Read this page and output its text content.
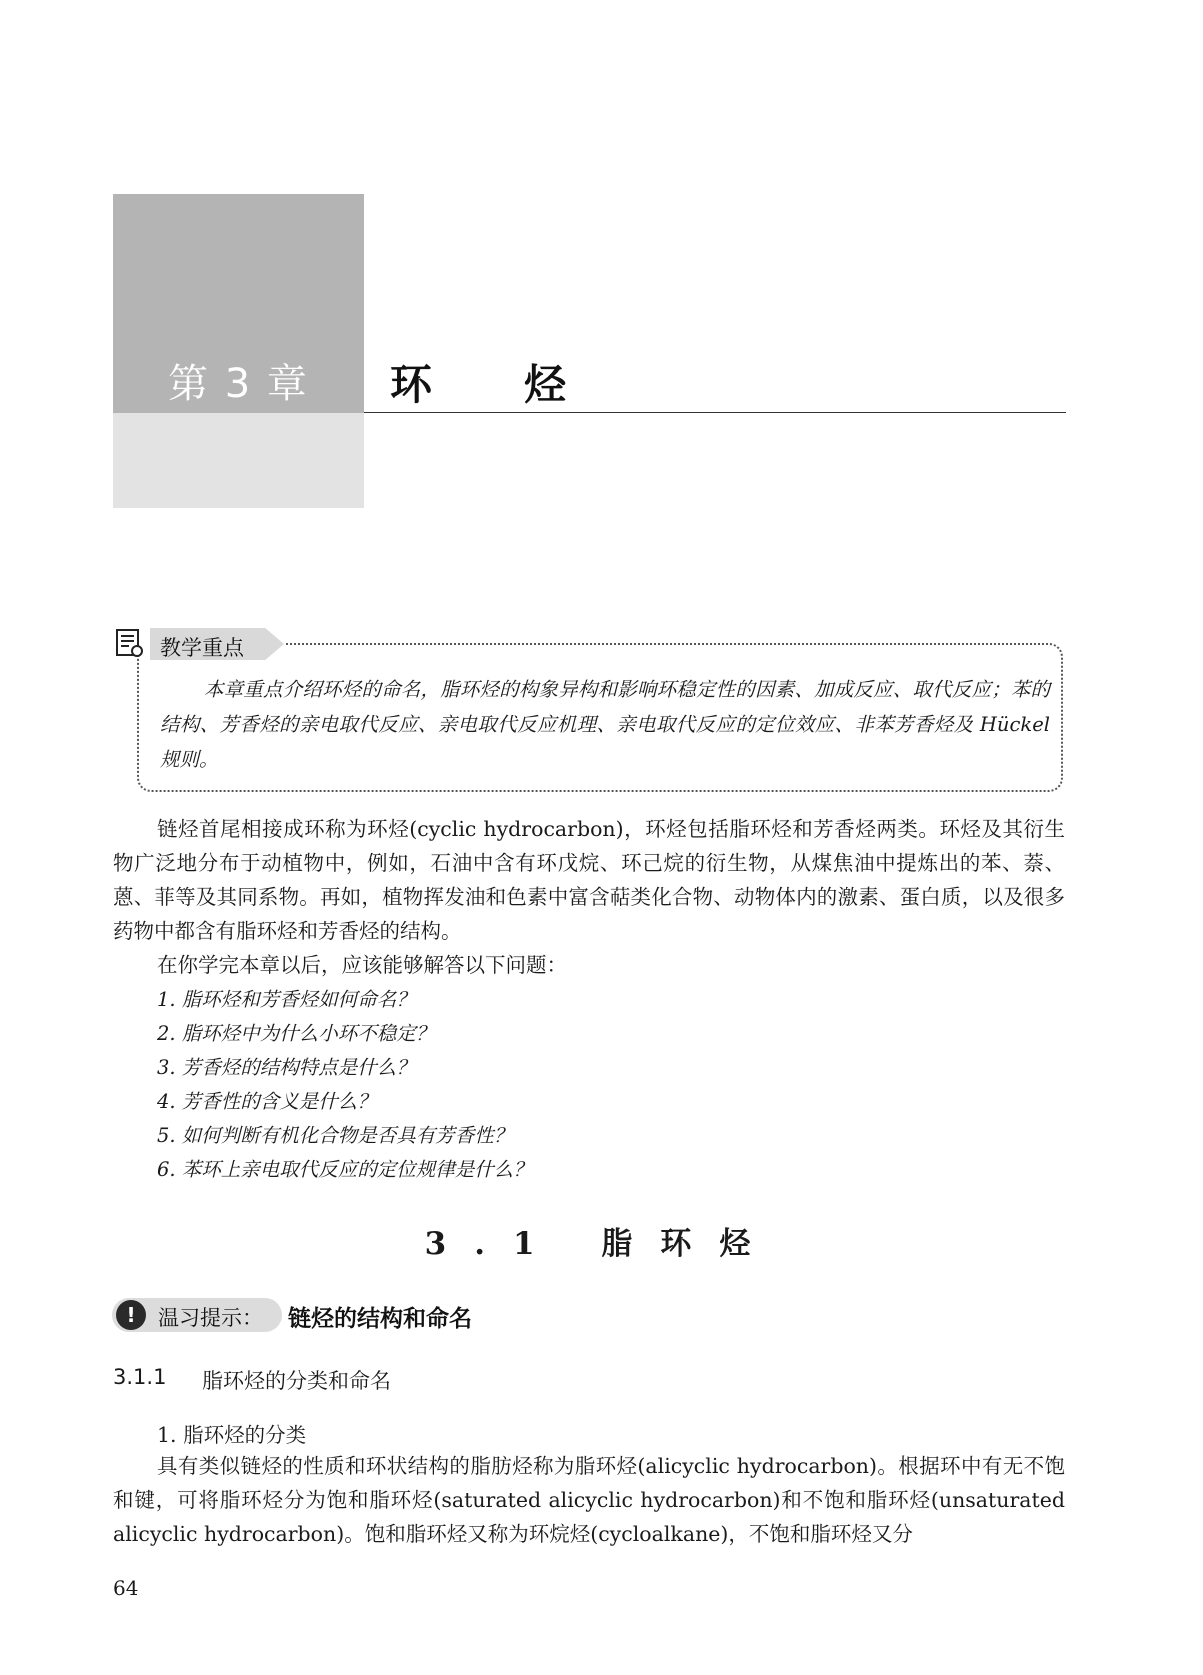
第 3 章	环烃
教学重点
本章重点介绍环烃的命名，脂环烃的构象异构和影响环稳定性的因素、加成反应、取代反应；苯的结构、芳香烃的亲电取代反应、亲电取代反应机理、亲电取代反应的定位效应、非苯芳香烃及 Hückel 规则。
链烃首尾相接成环称为环烃(cyclic hydrocarbon)，环烃包括脂环烃和芳香烃两类。环烃及其衍生物广泛地分布于动植物中，例如，石油中含有环戊烷、环己烷的衍生物，从煤焦油中提炼出的苯、萘、蒽、菲等及其同系物。再如，植物挥发油和色素中富含萜类化合物、动物体内的激素、蛋白质，以及很多药物中都含有脂环烃和芳香烃的结构。
在你学完本章以后，应该能够解答以下问题：
1. 脂环烃和芳香烃如何命名？
2. 脂环烃中为什么小环不稳定？
3. 芳香烃的结构特点是什么？
4. 芳香性的含义是什么？
5. 如何判断有机化合物是否具有芳香性？
6. 苯环上亲电取代反应的定位规律是什么？
3.1 脂环烃
!	温习提示： 链烃的结构和命名
3.1.1 脂环烃的分类和命名
1. 脂环烃的分类
具有类似链烃的性质和环状结构的脂肪烃称为脂环烃(alicyclic hydrocarbon)。根据环中有无不饱和键，可将脂环烃分为饱和脂环烃(saturated alicyclic hydrocarbon)和不饱和脂环烃(unsaturated alicyclic hydrocarbon)。饱和脂环烃又称为环烷烃(cycloalkane)，不饱和脂环烃又分
64
